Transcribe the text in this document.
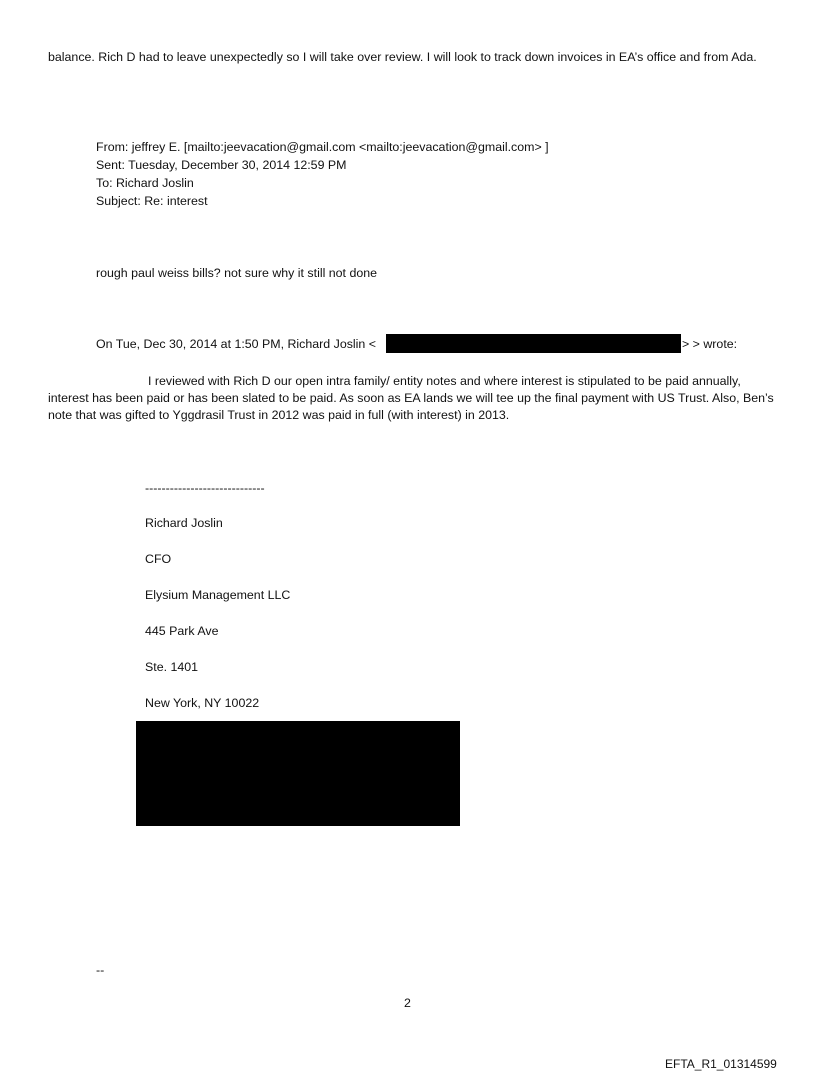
balance. Rich D had to leave unexpectedly so I will take over review. I will look to track down invoices in EA’s office and from Ada.
From: jeffrey E. [mailto:jeevacation@gmail.com <mailto:jeevacation@gmail.com> ]
Sent: Tuesday, December 30, 2014 12:59 PM
To: Richard Joslin
Subject: Re: interest
rough paul weiss bills? not sure why it still not done
On Tue, Dec 30, 2014 at 1:50 PM, Richard Joslin <	> > wrote:
I reviewed with Rich D our open intra family/ entity notes and where interest is stipulated to be paid annually, interest has been paid or has been slated to be paid. As soon as EA lands we will tee up the final payment with US Trust. Also, Ben’s note that was gifted to Yggdrasil Trust in 2012 was paid in full (with interest) in 2013.
-----------------------------
Richard Joslin
CFO
Elysium Management LLC
445 Park Ave
Ste. 1401
New York, NY 10022
--
2
EFTA_R1_01314599
